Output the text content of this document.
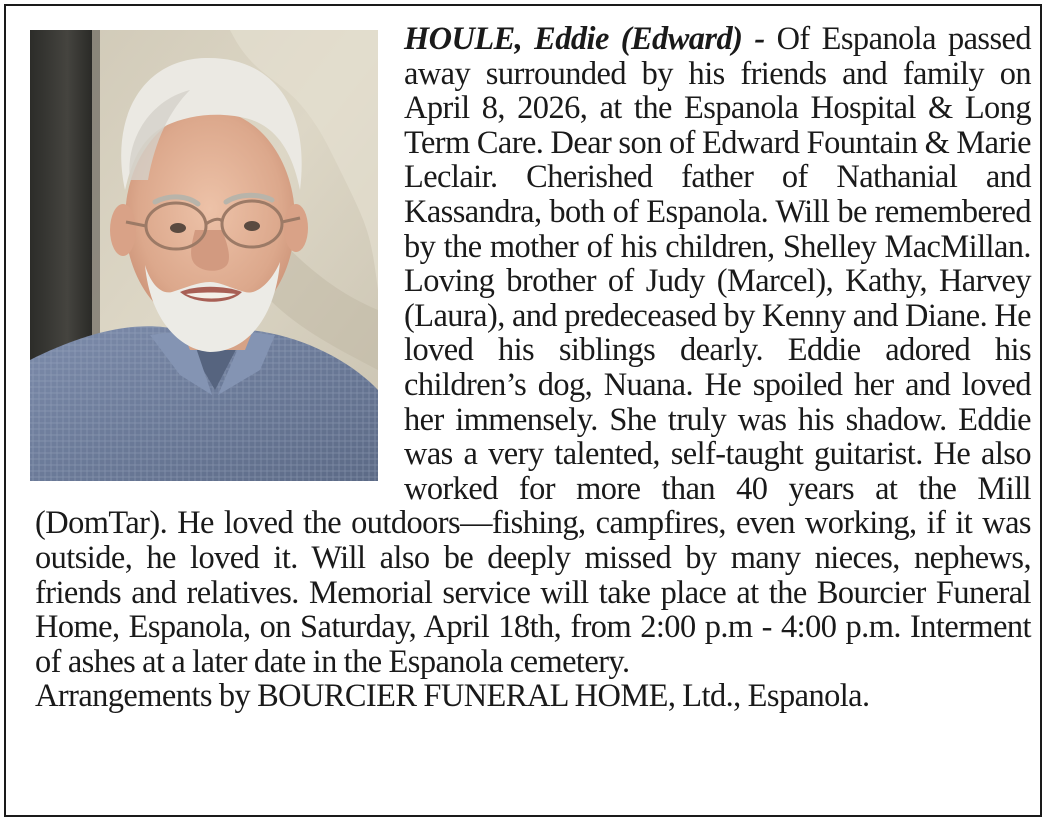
HOULE, Eddie (Edward) - Of Espanola passed away surrounded by his friends and family on April 8, 2026, at the Espanola Hospital & Long Term Care. Dear son of Edward Fountain & Marie Leclair. Cherished father of Nathanial and Kassandra, both of Espanola. Will be remembered by the mother of his children, Shelley MacMillan. Loving brother of Judy (Marcel), Kathy, Harvey (Laura), and predeceased by Kenny and Diane. He loved his siblings dearly. Eddie adored his children’s dog, Nuana. He spoiled her and loved her immensely. She truly was his shadow. Eddie was a very talented, self-taught guitarist. He also worked for more than 40 years at the Mill (DomTar). He loved the outdoors—fishing, campfires, even working, if it was outside, he loved it. Will also be deeply missed by many nieces, nephews, friends and relatives. Memorial service will take place at the Bourcier Funeral Home, Espanola, on Saturday, April 18th, from 2:00 p.m - 4:00 p.m. Interment of ashes at a later date in the Espanola cemetery.
Arrangements by BOURCIER FUNERAL HOME, Ltd., Espanola.
